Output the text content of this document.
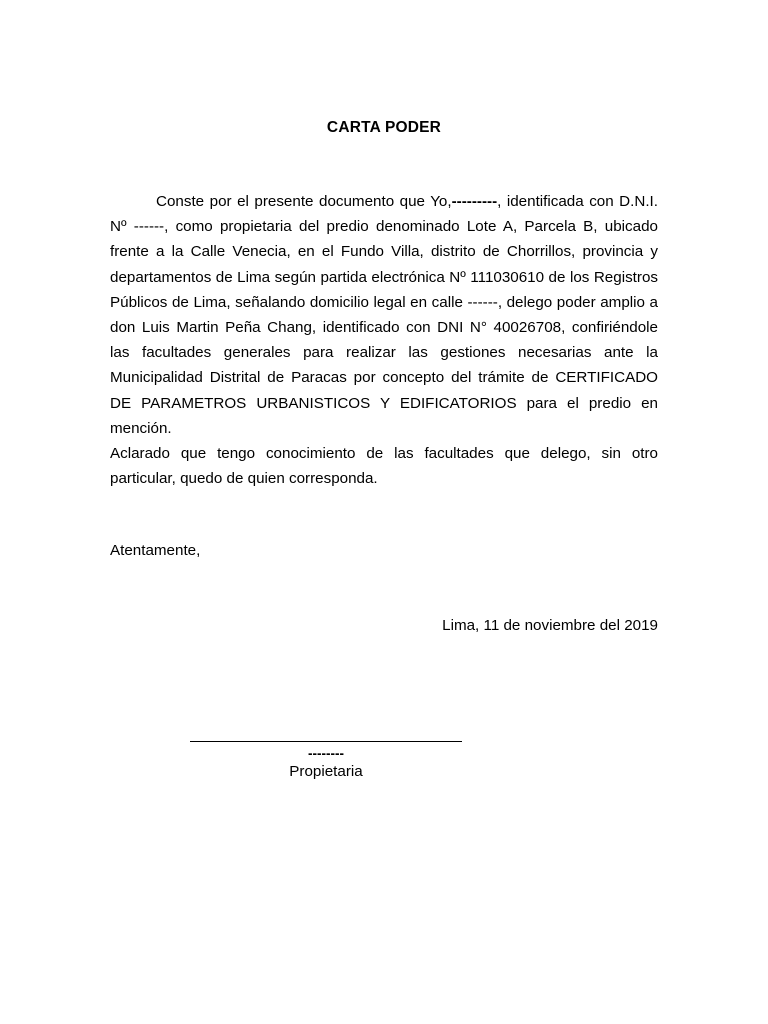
CARTA PODER

Conste por el presente documento que Yo,---------, identificada con D.N.I. Nº ------, como propietaria del predio denominado Lote A, Parcela B, ubicado frente a la Calle Venecia, en el Fundo Villa, distrito de Chorrillos, provincia y departamentos de Lima según partida electrónica Nº 111030610 de los Registros Públicos de Lima, señalando domicilio legal en calle ------, delego poder amplio a don Luis Martin Peña Chang, identificado con DNI N° 40026708, confiriéndole las facultades generales para realizar las gestiones necesarias ante la Municipalidad Distrital de Paracas por concepto del trámite de CERTIFICADO DE PARAMETROS URBANISTICOS Y EDIFICATORIOS para el predio en mención.

Aclarado que tengo conocimiento de las facultades que delego, sin otro particular, quedo de quien corresponda.

Atentamente,
Lima, 11 de noviembre del 2019
--------
Propietaria
